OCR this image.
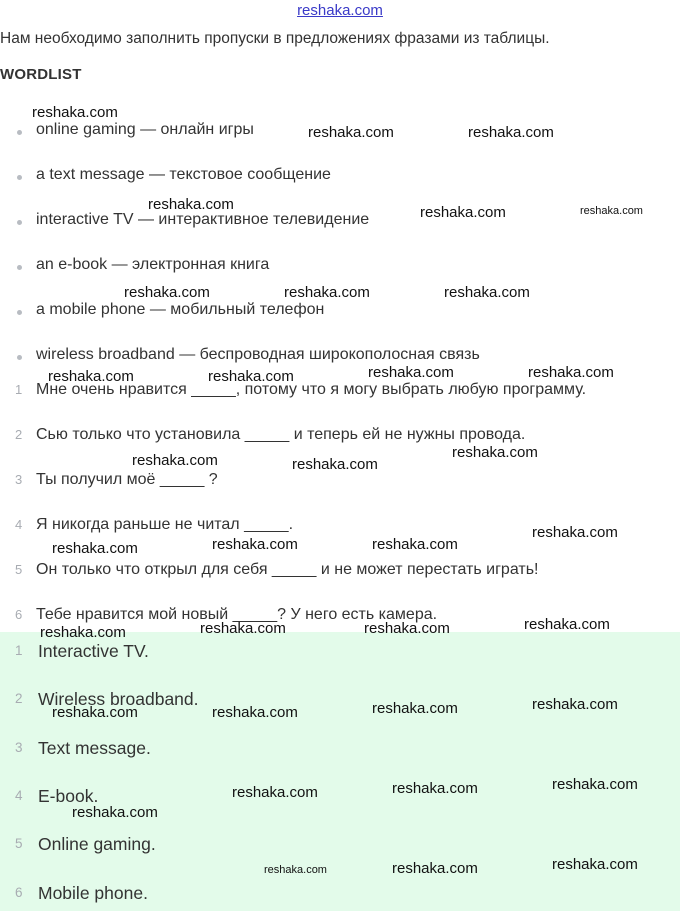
reshaka.com
Нам необходимо заполнить пропуски в предложениях фразами из таблицы.
WORDLIST
online gaming — онлайн игры
a text message — текстовое сообщение
interactive TV — интерактивное телевидение
an e-book — электронная книга
a mobile phone — мобильный телефон
wireless broadband — беспроводная широкополосная связь
1 Мне очень нравится _____, потому что я могу выбрать любую программу.
2 Сью только что установила _____ и теперь ей не нужны провода.
3 Ты получил моё _____ ?
4 Я никогда раньше не читал _____.
5 Он только что открыл для себя _____ и не может перестать играть!
6 Тебе нравится мой новый _____? У него есть камера.
1 Interactive TV.
2 Wireless broadband.
3 Text message.
4 E-book.
5 Online gaming.
6 Mobile phone.
reshaka.com
reshaka.com	reshaka.com
reshaka.com	reshaka.com	reshaka.com
reshaka.com	reshaka.com	reshaka.com
reshaka.com	reshaka.com	reshaka.com	reshaka.com
reshaka.com	reshaka.com
reshaka.com
reshaka.com	reshaka.com	reshaka.com
reshaka.com
reshaka.com	reshaka.com	reshaka.com	reshaka.com
reshaka.com	reshaka.com	reshaka.com	reshaka.com
reshaka.com	reshaka.com	reshaka.com
reshaka.com
reshaka.com	reshaka.com	reshaka.com
